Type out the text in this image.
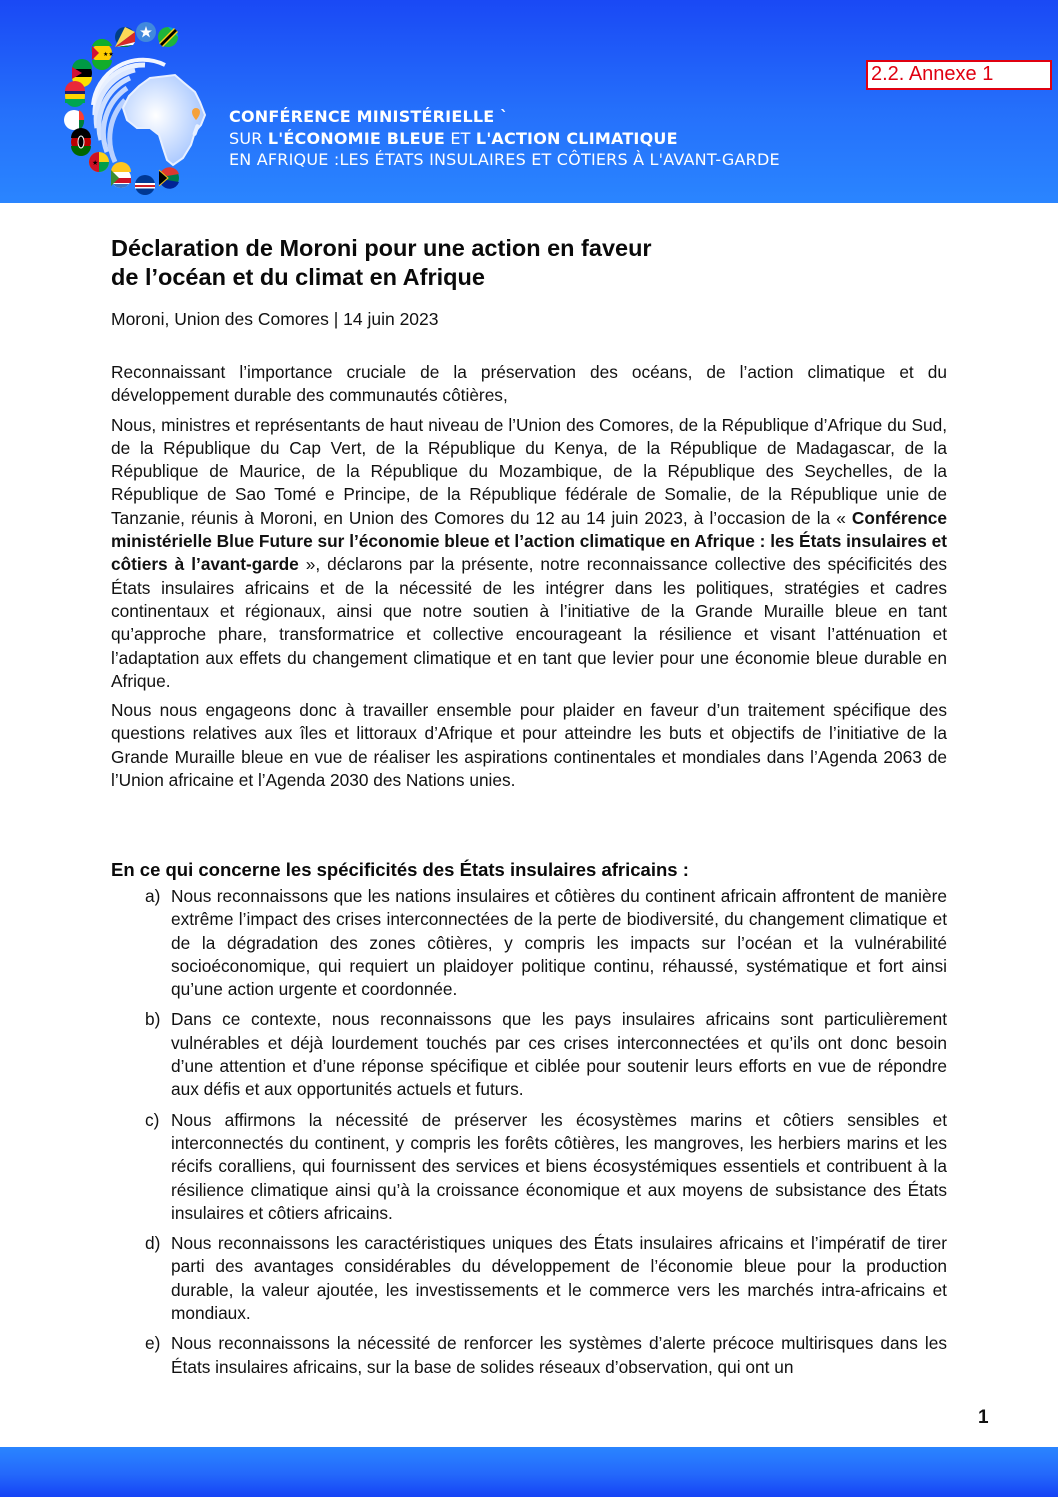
★★
★
CONFÉRENCE MINISTÉRIELLE `
SUR L'ÉCONOMIE BLEUE ET L'ACTION CLIMATIQUE
EN AFRIQUE :LES ÉTATS INSULAIRES ET CÔTIERS À L'AVANT-GARDE
2.2. Annexe 1
Déclaration de Moroni pour une action en faveur
de l’océan et du climat en Afrique
Moroni, Union des Comores | 14 juin 2023

Reconnaissant l’importance cruciale de la préservation des océans, de l’action climatique et du développement durable des communautés côtières,

Nous, ministres et représentants de haut niveau de l’Union des Comores, de la République d’Afrique du Sud, de la République du Cap Vert, de la République du Kenya, de la République de Madagascar, de la République de Maurice, de la République du Mozambique, de la République des Seychelles, de la République de Sao Tomé e Principe, de la République fédérale de Somalie, de la République unie de Tanzanie, réunis à Moroni, en Union des Comores du 12 au 14 juin 2023, à l’occasion de la « Conférence ministérielle Blue Future sur l’économie bleue et l’action climatique en Afrique : les États insulaires et côtiers à l’avant-garde », déclarons par la présente, notre reconnaissance collective des spécificités des États insulaires africains et de la nécessité de les intégrer dans les politiques, stratégies et cadres continentaux et régionaux, ainsi que notre soutien à l’initiative de la Grande Muraille bleue en tant qu’approche phare, transformatrice et collective encourageant la résilience et visant l’atténuation et l’adaptation aux effets du changement climatique et en tant que levier pour une économie bleue durable en Afrique.

Nous nous engageons donc à travailler ensemble pour plaider en faveur d’un traitement spécifique des questions relatives aux îles et littoraux d’Afrique et pour atteindre les buts et objectifs de l’initiative de la Grande Muraille bleue en vue de réaliser les aspirations continentales et mondiales dans l’Agenda 2063 de l’Union africaine et l’Agenda 2030 des Nations unies.

En ce qui concerne les spécificités des États insulaires africains :
a) Nous reconnaissons que les nations insulaires et côtières du continent africain affrontent de manière extrême l’impact des crises interconnectées de la perte de biodiversité, du changement climatique et de la dégradation des zones côtières, y compris les impacts sur l’océan et la vulnérabilité socioéconomique, qui requiert un plaidoyer politique continu, réhaussé, systématique et fort ainsi qu’une action urgente et coordonnée.
b) Dans ce contexte, nous reconnaissons que les pays insulaires africains sont particulièrement vulnérables et déjà lourdement touchés par ces crises interconnectées et qu’ils ont donc besoin d’une attention et d’une réponse spécifique et ciblée pour soutenir leurs efforts en vue de répondre aux défis et aux opportunités actuels et futurs.
c) Nous affirmons la nécessité de préserver les écosystèmes marins et côtiers sensibles et interconnectés du continent, y compris les forêts côtières, les mangroves, les herbiers marins et les récifs coralliens, qui fournissent des services et biens écosystémiques essentiels et contribuent à la résilience climatique ainsi qu’à la croissance économique et aux moyens de subsistance des États insulaires et côtiers africains.
d) Nous reconnaissons les caractéristiques uniques des États insulaires africains et l’impératif de tirer parti des avantages considérables du développement de l’économie bleue pour la production durable, la valeur ajoutée, les investissements et le commerce vers les marchés intra-africains et mondiaux.
e) Nous reconnaissons la nécessité de renforcer les systèmes d’alerte précoce multirisques dans les États insulaires africains, sur la base de solides réseaux d’observation, qui ont un
1
